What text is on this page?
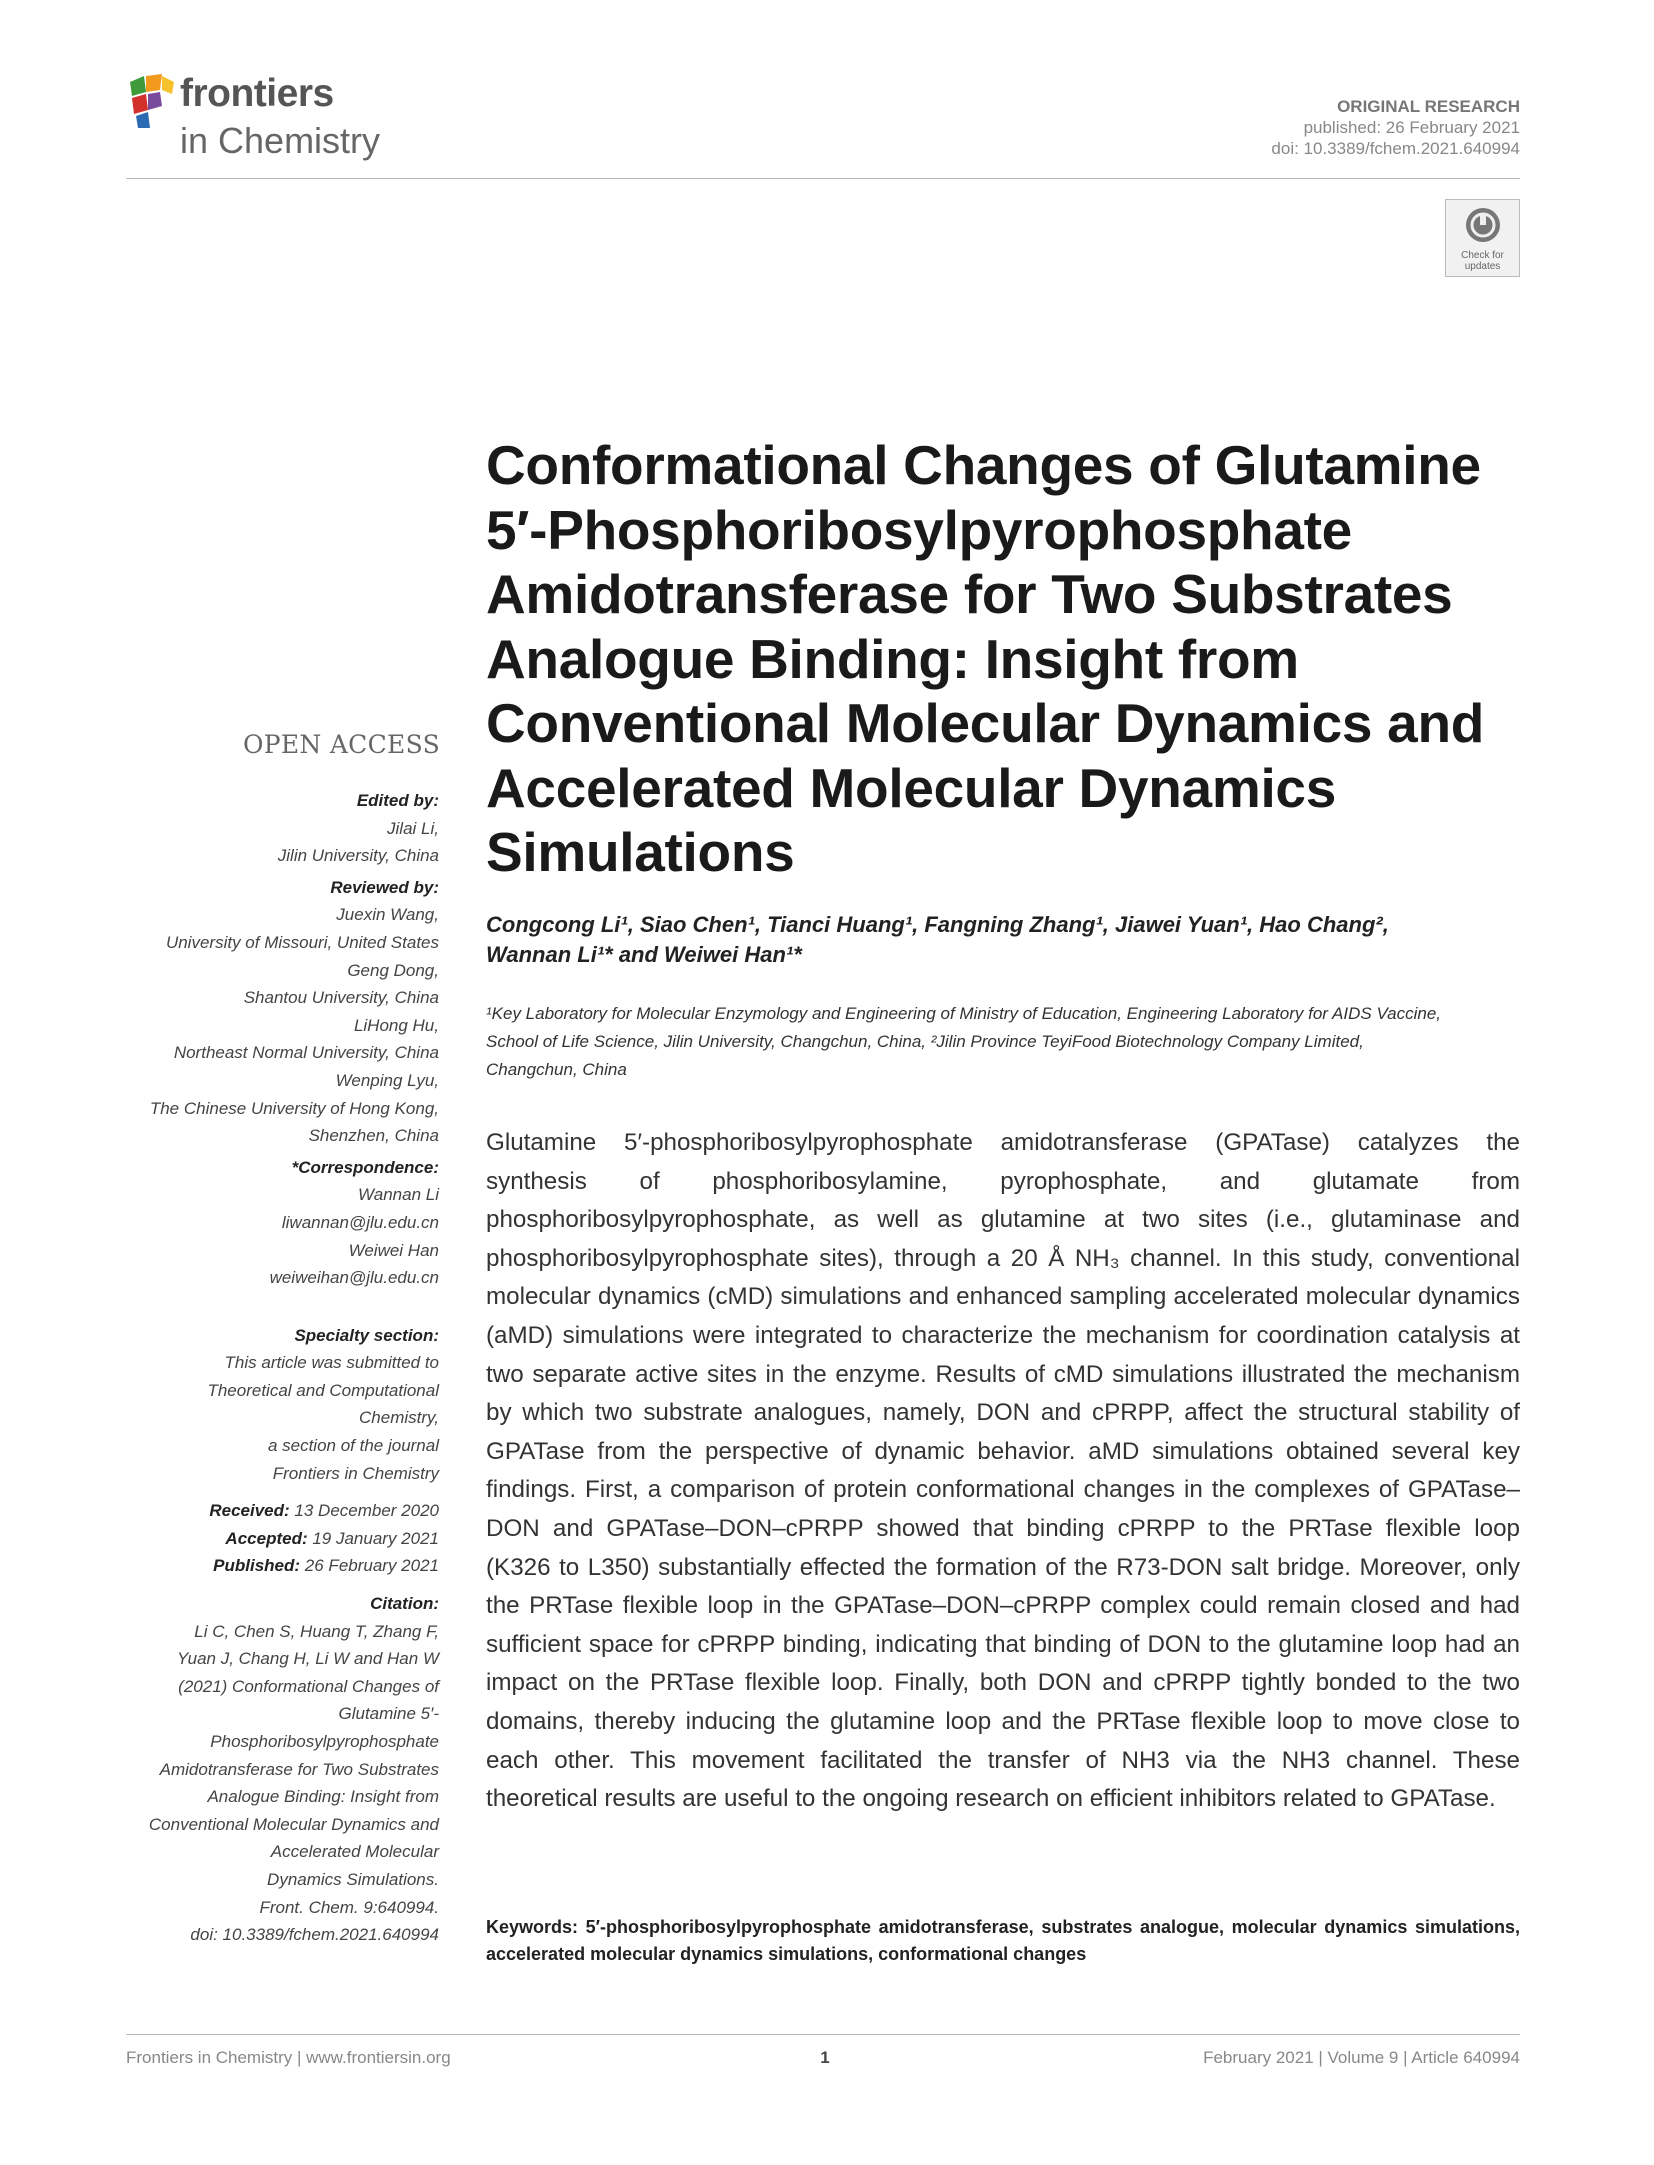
frontiers
in Chemistry
ORIGINAL RESEARCH
published: 26 February 2021
doi: 10.3389/fchem.2021.640994
Check for
updates
Conformational Changes of Glutamine
5′-Phosphoribosylpyrophosphate
Amidotransferase for Two Substrates
Analogue Binding: Insight from
Conventional Molecular Dynamics and
Accelerated Molecular Dynamics
Simulations
Congcong Li¹, Siao Chen¹, Tianci Huang¹, Fangning Zhang¹, Jiawei Yuan¹, Hao Chang²,
Wannan Li¹* and Weiwei Han¹*
¹Key Laboratory for Molecular Enzymology and Engineering of Ministry of Education, Engineering Laboratory for AIDS Vaccine,
School of Life Science, Jilin University, Changchun, China, ²Jilin Province TeyiFood Biotechnology Company Limited,
Changchun, China
Glutamine 5′-phosphoribosylpyrophosphate amidotransferase (GPATase) catalyzes the synthesis of phosphoribosylamine, pyrophosphate, and glutamate from phosphoribosylpyrophosphate, as well as glutamine at two sites (i.e., glutaminase and phosphoribosylpyrophosphate sites), through a 20 Å NH₃ channel. In this study, conventional molecular dynamics (cMD) simulations and enhanced sampling accelerated molecular dynamics (aMD) simulations were integrated to characterize the mechanism for coordination catalysis at two separate active sites in the enzyme. Results of cMD simulations illustrated the mechanism by which two substrate analogues, namely, DON and cPRPP, affect the structural stability of GPATase from the perspective of dynamic behavior. aMD simulations obtained several key findings. First, a comparison of protein conformational changes in the complexes of GPATase–DON and GPATase–DON–cPRPP showed that binding cPRPP to the PRTase flexible loop (K326 to L350) substantially effected the formation of the R73-DON salt bridge. Moreover, only the PRTase flexible loop in the GPATase–DON–cPRPP complex could remain closed and had sufficient space for cPRPP binding, indicating that binding of DON to the glutamine loop had an impact on the PRTase flexible loop. Finally, both DON and cPRPP tightly bonded to the two domains, thereby inducing the glutamine loop and the PRTase flexible loop to move close to each other. This movement facilitated the transfer of NH3 via the NH3 channel. These theoretical results are useful to the ongoing research on efficient inhibitors related to GPATase.
Keywords: 5′-phosphoribosylpyrophosphate amidotransferase, substrates analogue, molecular dynamics simulations, accelerated molecular dynamics simulations, conformational changes
OPEN ACCESS
Edited by:
Jilai Li,
Jilin University, China
Reviewed by:
Juexin Wang,
University of Missouri, United States
Geng Dong,
Shantou University, China
LiHong Hu,
Northeast Normal University, China
Wenping Lyu,
The Chinese University of Hong Kong,
Shenzhen, China
*Correspondence:
Wannan Li
liwannan@jlu.edu.cn
Weiwei Han
weiweihan@jlu.edu.cn
Specialty section:
This article was submitted to
Theoretical and Computational
Chemistry,
a section of the journal
Frontiers in Chemistry
Received: 13 December 2020
Accepted: 19 January 2021
Published: 26 February 2021
Citation:
Li C, Chen S, Huang T, Zhang F,
Yuan J, Chang H, Li W and Han W
(2021) Conformational Changes of
Glutamine 5′-
Phosphoribosylpyrophosphate
Amidotransferase for Two Substrates
Analogue Binding: Insight from
Conventional Molecular Dynamics and
Accelerated Molecular
Dynamics Simulations.
Front. Chem. 9:640994.
doi: 10.3389/fchem.2021.640994
Frontiers in Chemistry | www.frontiersin.org	1	February 2021 | Volume 9 | Article 640994
